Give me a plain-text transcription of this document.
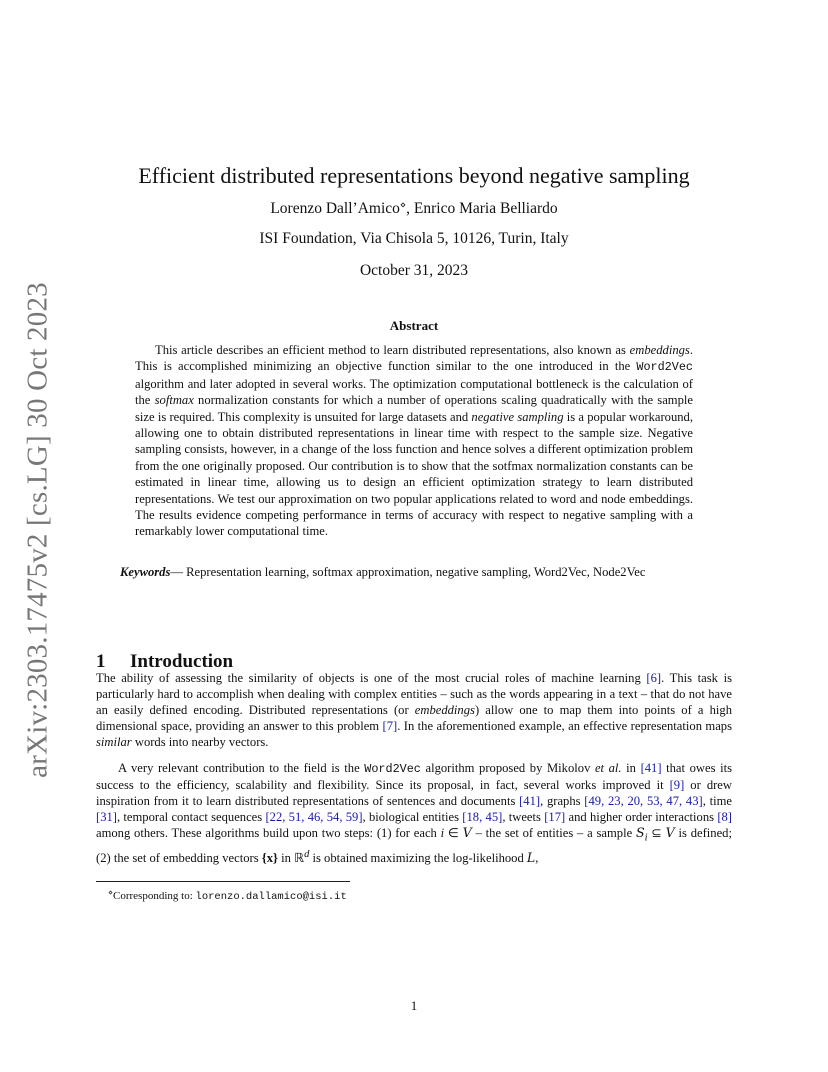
arXiv:2303.17475v2 [cs.LG] 30 Oct 2023
Efficient distributed representations beyond negative sampling
Lorenzo Dall’Amico⋄, Enrico Maria Belliardo
ISI Foundation, Via Chisola 5, 10126, Turin, Italy
October 31, 2023
Abstract
This article describes an efficient method to learn distributed representations, also known as embeddings. This is accomplished minimizing an objective function similar to the one introduced in the Word2Vec algorithm and later adopted in several works. The optimization computational bottleneck is the calculation of the softmax normalization constants for which a number of operations scaling quadratically with the sample size is required. This complexity is unsuited for large datasets and negative sampling is a popular workaround, allowing one to obtain distributed representations in linear time with respect to the sample size. Negative sampling consists, however, in a change of the loss function and hence solves a different optimization problem from the one originally proposed. Our contribution is to show that the sotfmax normalization constants can be estimated in linear time, allowing us to design an efficient optimization strategy to learn distributed representations. We test our approximation on two popular applications related to word and node embeddings. The results evidence competing performance in terms of accuracy with respect to negative sampling with a remarkably lower computational time.
Keywords— Representation learning, softmax approximation, negative sampling, Word2Vec, Node2Vec
1 Introduction

The ability of assessing the similarity of objects is one of the most crucial roles of machine learning [6]. This task is particularly hard to accomplish when dealing with complex entities – such as the words appearing in a text – that do not have an easily defined encoding. Distributed representations (or embeddings) allow one to map them into points of a high dimensional space, providing an answer to this problem [7]. In the aforementioned example, an effective representation maps similar words into nearby vectors.

A very relevant contribution to the field is the Word2Vec algorithm proposed by Mikolov et al. in [41] that owes its success to the efficiency, scalability and flexibility. Since its proposal, in fact, several works improved it [9] or drew inspiration from it to learn distributed representations of sentences and documents [41], graphs [49, 23, 20, 53, 47, 43], time [31], temporal contact sequences [22, 51, 46, 54, 59], biological entities [18, 45], tweets [17] and higher order interactions [8] among others. These algorithms build upon two steps: (1) for each i ∈ V – the set of entities – a sample $S_i$ ⊆ V is defined; (2) the set of embedding vectors {x} in ℝ$^d$ is obtained maximizing the log-likelihood L,

⋄Corresponding to: lorenzo.dallamico@isi.it
1
